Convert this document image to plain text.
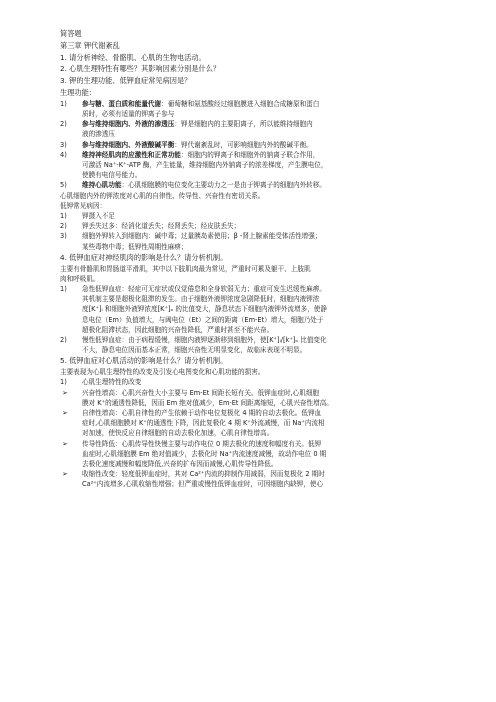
简答题
第三章 钾代谢紊乱
1. 请分析神经、骨骼肌、心肌的生物电活动。
2. 心肌生理特性有哪些？其影响因素分别是什么？
3. 钾的生理功能、低钾血症常见病因是？
生理功能：
1) 参与糖、蛋白质和能量代谢：葡萄糖和氨基酸经过细胞膜进入细胞合成糖原和蛋白
质时，必须有适量的钾离子参与
2) 参与维持细胞内、外液的渗透压：钾是细胞内的主要阳离子，所以能维持细胞内
液的渗透压
3) 参与维持细胞内、外液酸碱平衡：钾代谢紊乱时，可影响细胞内外的酸碱平衡。
4) 维持神经肌肉的应激性和正常功能：细胞内的钾离子和细胞外的钠离子联合作用，
可激活 Na⁺-K⁺-ATP 酶，产生能量，维持细胞内外钠离子的浓差梯度，产生膜电位，
使膜有电信号能力。
5) 维持心肌功能：心肌细胞膜的电位变化主要动力之一是由于钾离子的细胞内外转移。
心肌细胞内外的钾浓度对心肌的自律性、传导性、兴奋性有密切关系。
低钾常见病因：
1) 钾摄入不足
2) 钾丢失过多：经消化道丢失；经肾丢失；经皮肤丢失；
3) 细胞外钾转入到细胞内：碱中毒；过量胰岛素使用；β -肾上腺素能受体活性增强；
某些毒物中毒；低钾性周期性麻痹；
4. 低钾血症对神经肌肉的影响是什么？请分析机制。
主要有骨骼肌和胃肠道平滑肌，其中以下肢肌肉最为常见，严重时可累及躯干、上肢肌
肉和呼吸肌。
1) 急性低钾血症：轻症可无症状或仅觉倦怠和全身软弱无力；重症可发生迟缓性麻痹。
其机制主要是超极化阻滞的发生。由于细胞外液钾浓度急剧降低时，细胞内液钾浓
度[K⁺]ᵢ 和细胞外液钾浓度[K⁺]ₒ 的比值变大，静息状态下细胞内液钾外流增多，使静
息电位（Em）负值增大，与阈电位（Et）之间的距离（Em-Et）增大，细胞乃处于
超极化阻滞状态，因此细胞的兴奋性降低，严重时甚至不能兴奋。
2) 慢性低钾血症：由于病程缓慢，细胞内液钾逐渐移到细胞外，使[K⁺]ᵢ/[k⁺]ₒ 比值变化
不大，静息电位因而基本正常，细胞兴奋性无明显变化，故临床表现不明显。
5. 低钾血症对心肌活动的影响是什么？请分析机制。
主要表现为心肌生理特性的改变及引发心电图变化和心肌功能的损害。
1) 心肌生理特性的改变
➢ 兴奋性增高：心肌兴奋性大小主要与 Em-Et 间距长短有关。低钾血症时,心肌细胞
膜对 K⁺的通透性降低，因而 Em 绝对值减少，Em-Et 间距离缩短，心肌兴奋性增高。
➢ 自律性增高：心肌自律性的产生依赖于动作电位复极化 4 期的自动去极化。低钾血
症时,心肌细胞膜对 K⁺的通透性下降，因此复极化 4 期 K⁺外流减慢，而 Na⁺内流相
对加速，使快反应自律细胞的自动去极化加速，心肌自律性增高。
➢ 传导性降低：心肌传导性快慢主要与动作电位 0 期去极化的速度和幅度有关。低钾
血症时,心肌细胞膜 Em 绝对值减少，去极化时 Na⁺内流速度减慢，故动作电位 0 期
去极化速度减慢和幅度降低,兴奋的扩布因而减慢,心肌传导性降低。
➢ 收缩性改变：轻度低钾血症时，其对 Ca²⁺内流的抑制作用减弱，因而复极化 2 期时
Ca²⁺内流增多,心肌收缩性增强；但严重或慢性低钾血症时，可因细胞内缺钾，使心
